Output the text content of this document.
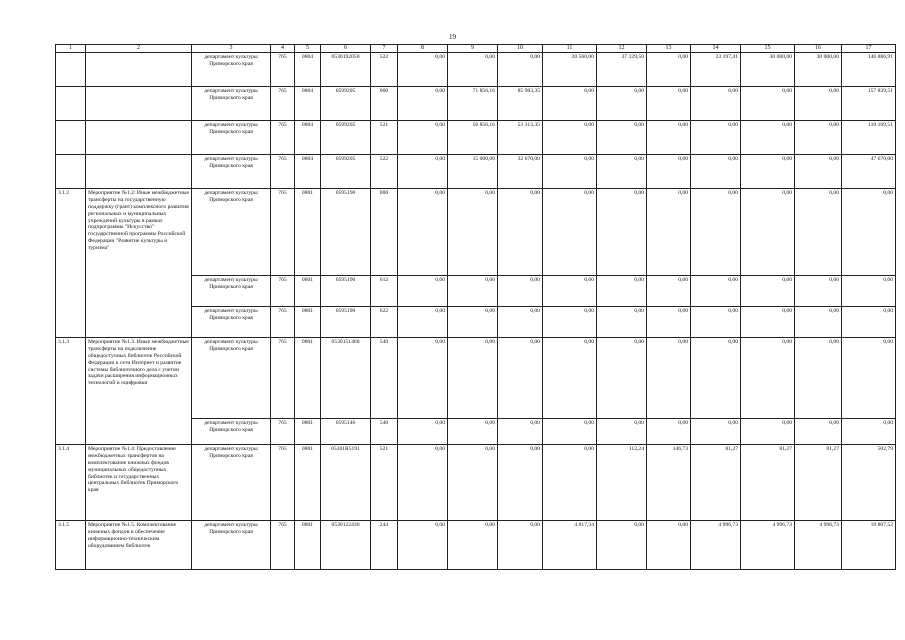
19
1	2	3	4	5	6	7	8	9	10	11	12	13	14	15	16	17
		департамент культуры Приморского края	765	0804	0530192050	522	0,00	0,00	0,00	20 560,00	37 129,50	0,00	23 197,41	30 000,00	30 000,00	140 886,91
		департамент культуры Приморского края	765	0804	0599205	000	0,00	71 856,16	85 983,35	0,00	0,00	0,00	0,00	0,00	0,00	157 839,51
		департамент культуры Приморского края	765	0804	0599205	521	0,00	56 856,16	53 313,35	0,00	0,00	0,00	0,00	0,00	0,00	110 169,51
		департамент культуры Приморского края	765	0804	0599205	522	0,00	15 000,00	32 670,00	0,00	0,00	0,00	0,00	0,00	0,00	47 670,00
3.1.2	Мероприятие №1.2: Иные межбюджетные трансферты на государственную поддержку (грант) комплексного развития региональных и муниципальных учреждений культуры в рамках подпрограммы "Искусство" государственной программы Российской Федерации "Развитие культуры и туризма"	департамент культуры Приморского края	765	0801	0595190	000	0,00	0,00	0,00	0,00	0,00	0,00	0,00	0,00	0,00	0,00
		департамент культуры Приморского края	765	0801	0595190	612	0,00	0,00	0,00	0,00	0,00	0,00	0,00	0,00	0,00	0,00
		департамент культуры Приморского края	765	0801	0595190	622	0,00	0,00	0,00	0,00	0,00	0,00	0,00	0,00	0,00	0,00
3.1.3	Мероприятие №1.3. Иные межбюджетные трансферты на подключение общедоступных библиотек Российской Федерации к сети Интернет и развитие системы библиотечного дела с учетом задачи расширения информационных технологий и оцифровки	департамент культуры Приморского края	765	0801	0530151460	540	0,00	0,00	0,00	0,00	0,00	0,00	0,00	0,00	0,00	0,00
		департамент культуры Приморского края	765	0801	0595146	540	0,00	0,00	0,00	0,00	0,00	0,00	0,00	0,00	0,00	0,00
3.1.4	Мероприятие №1.4: Предоставление межбюджетных трансфертов на комплектование книжных фондов муниципальных общедоступных библиотек и государственных центральных библиотек Приморского края	департамент культуры Приморского края	765	0801	05301R5191	521	0,00	0,00	0,00	0,00	112,24	146,73	81,27	81,27	81,27	502,79
3.1.5	Мероприятие №1.5. Комплектование книжных фондов и обеспечение информационно-техническим оборудованием библиотек	департамент культуры Приморского края	765	0801	0530122430	244	0,00	0,00	0,00	4 817,34	0,00	0,00	4 996,73	4 996,73	4 996,73	19 807,52
